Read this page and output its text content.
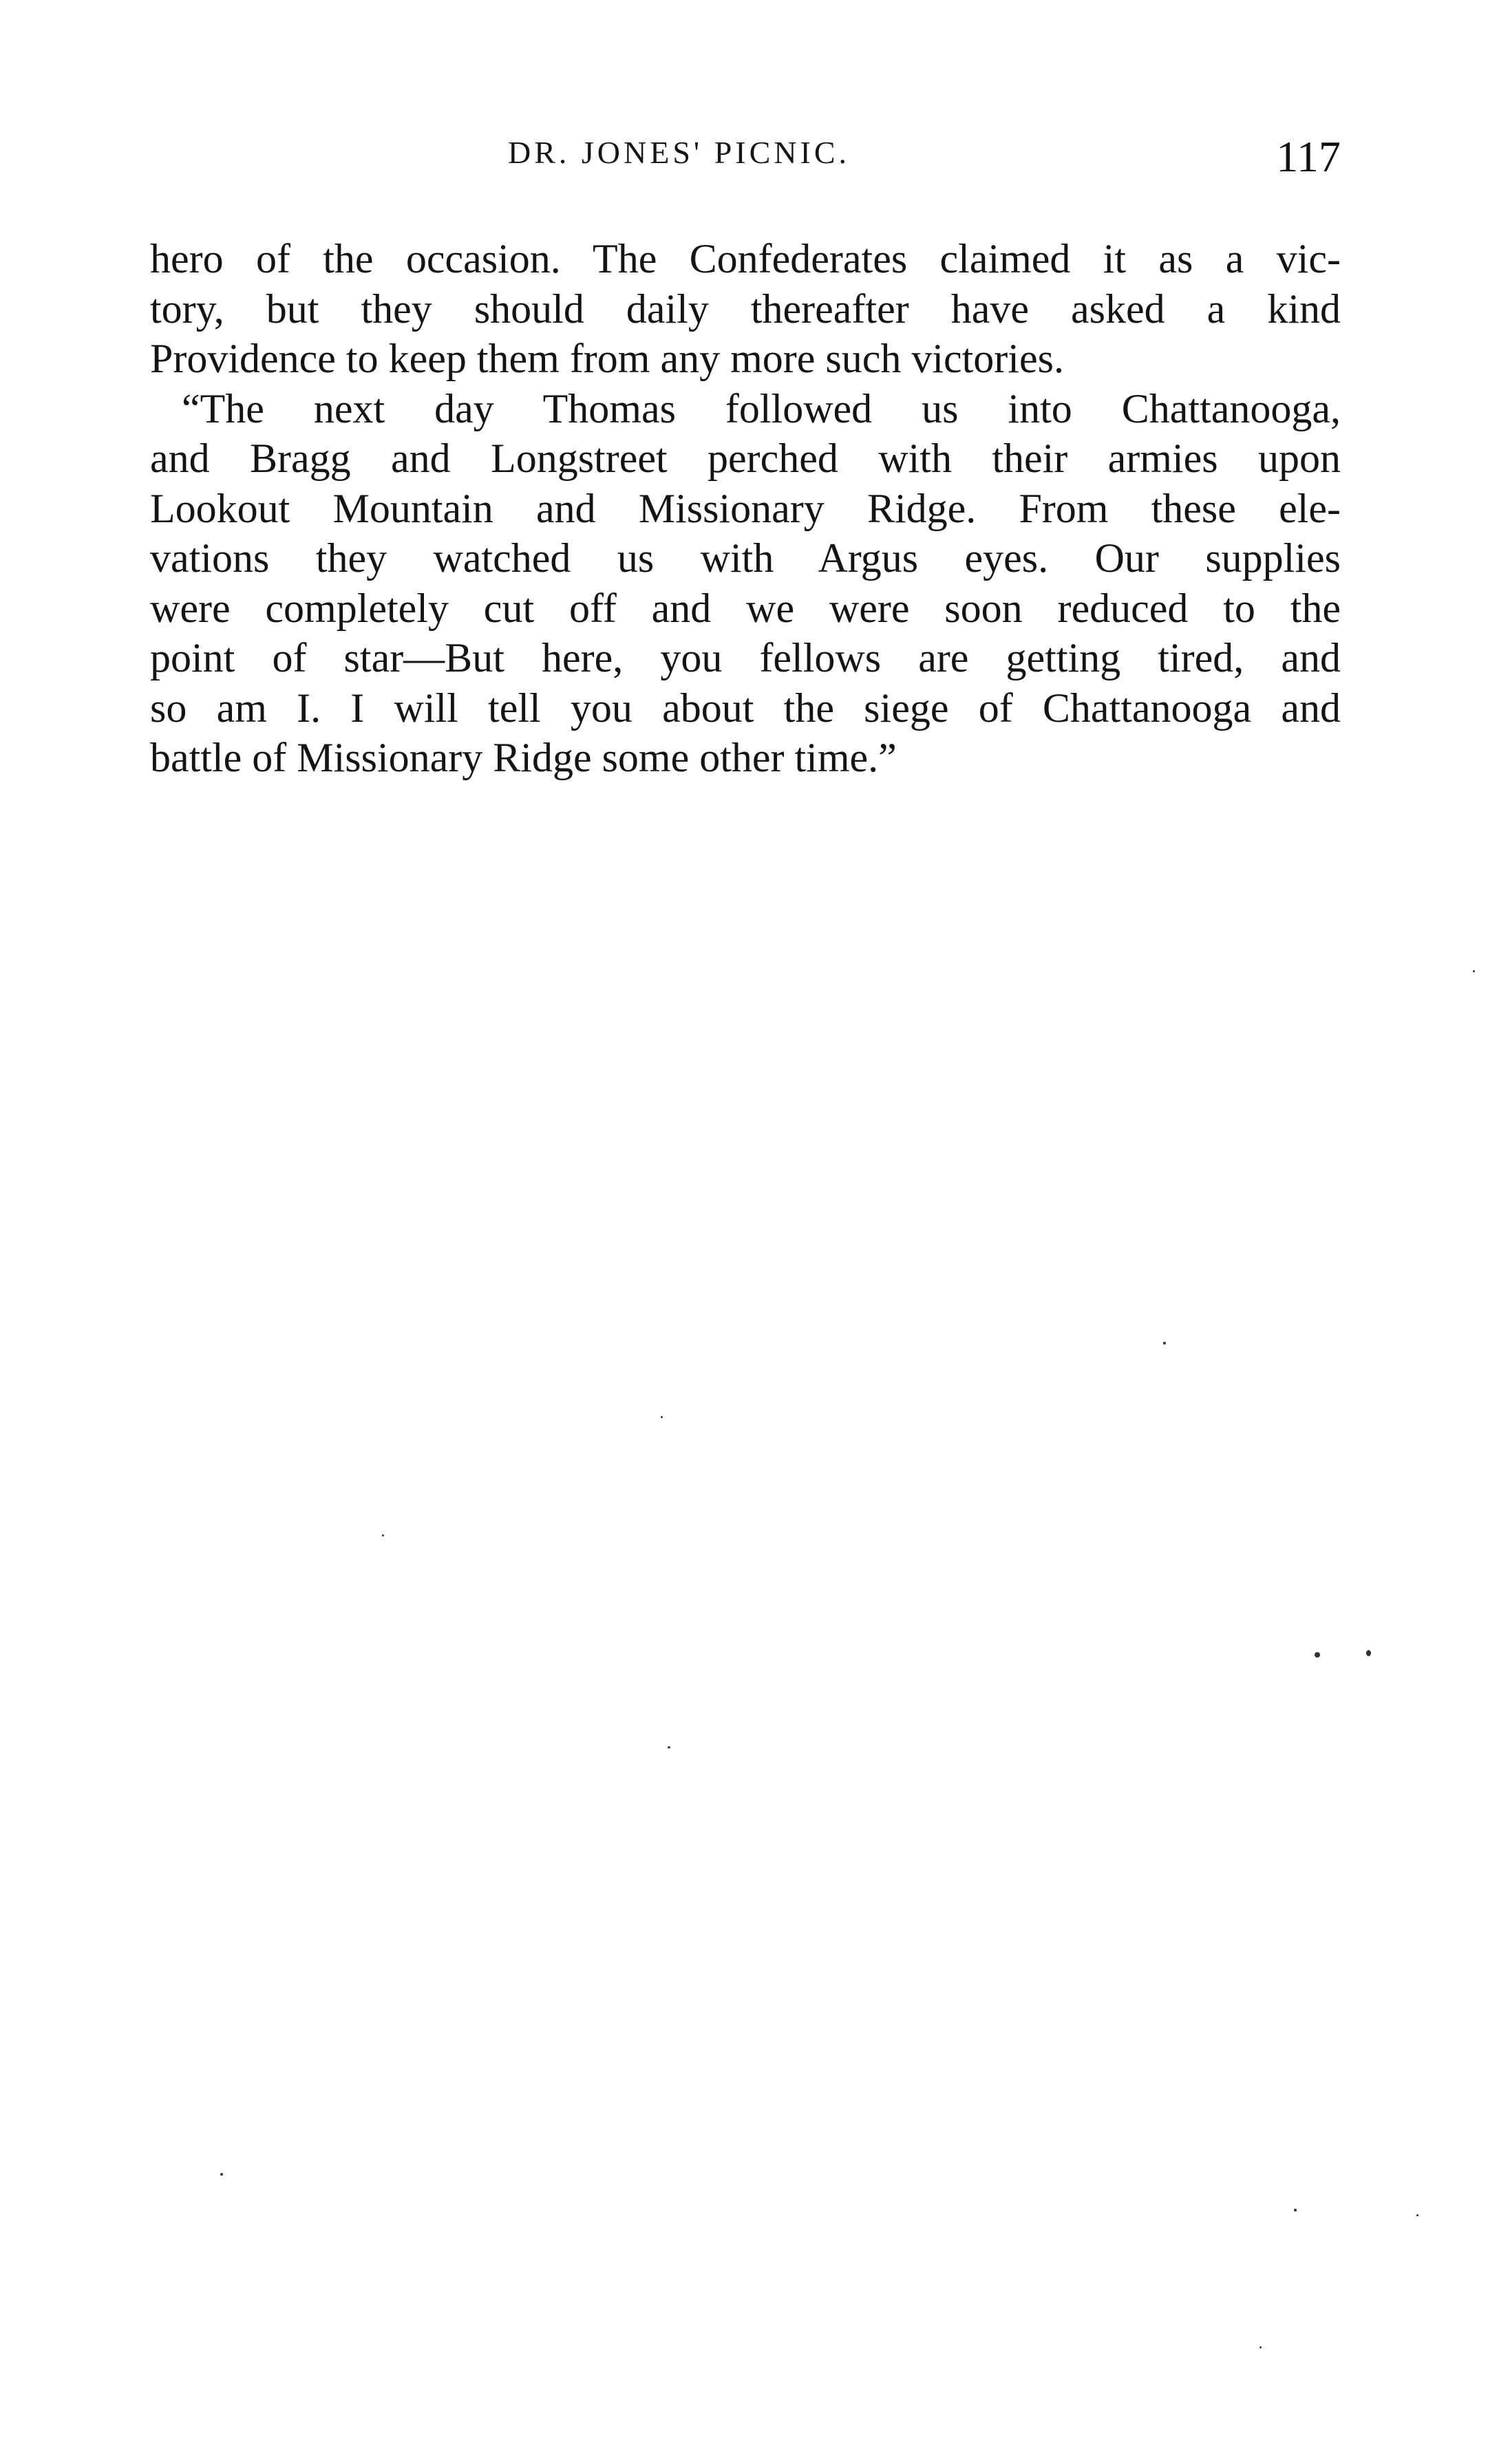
DR. JONES' PICNIC.	117
hero of the occasion. The Confederates claimed it as a vic-
tory, but they should daily thereafter have asked a kind
Providence to keep them from any more such victories.
“The next day Thomas followed us into Chattanooga,
and Bragg and Longstreet perched with their armies upon
Lookout Mountain and Missionary Ridge. From these ele-
vations they watched us with Argus eyes. Our supplies
were completely cut off and we were soon reduced to the
point of star—But here, you fellows are getting tired, and
so am I. I will tell you about the siege of Chattanooga and
battle of Missionary Ridge some other time.”
